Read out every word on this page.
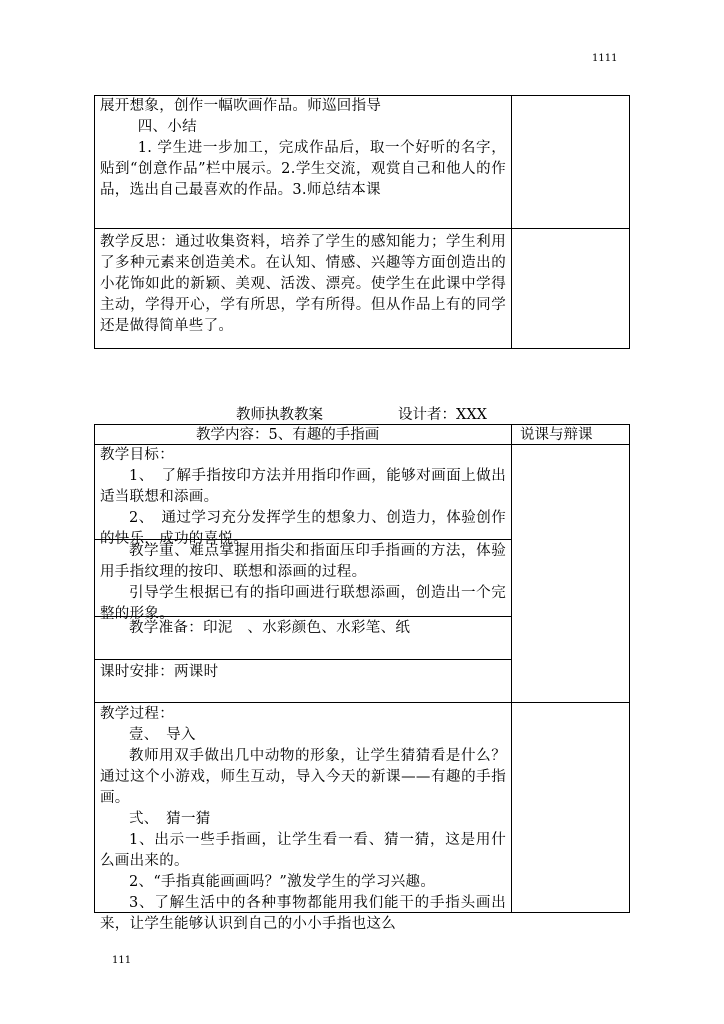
1111

展开想象，创作一幅吹画作品。师巡回指导

四、小结

1. 学生进一步加工，完成作品后，取一个好听的名字，贴到“创意作品”栏中展示。2.学生交流，观赏自己和他人的作品，选出自己最喜欢的作品。3.师总结本课

教学反思：通过收集资料，培养了学生的感知能力；学生利用了多种元素来创造美术。在认知、情感、兴趣等方面创造出的小花饰如此的新颖、美观、活泼、漂亮。使学生在此课中学得主动，学得开心，学有所思，学有所得。但从作品上有的同学还是做得简单些了。

教师执教教案	设计者：XXX
教学内容：5、有趣的手指画	说课与辩课

教学目标：

1、　了解手指按印方法并用指印作画，能够对画面上做出适当联想和添画。

2、　通过学习充分发挥学生的想象力、创造力，体验创作的快乐，成功的喜悦。

教学重、难点掌握用指尖和指面压印手指画的方法，体验用手指纹理的按印、联想和添画的过程。

引导学生根据已有的指印画进行联想添画，创造出一个完整的形象。

教学准备：印泥　、水彩颜色、水彩笔、纸

课时安排：两课时

教学过程：

壹、　导入

教师用双手做出几中动物的形象，让学生猜猜看是什么？通过这个小游戏，师生互动，导入今天的新课——有趣的手指画。

弍、　猜一猜

1、出示一些手指画，让学生看一看、猜一猜，这是用什么画出来的。

2、“手指真能画画吗？”激发学生的学习兴趣。

3、了解生活中的各种事物都能用我们能干的手指头画出来，让学生能够认识到自己的小小手指也这么

111
